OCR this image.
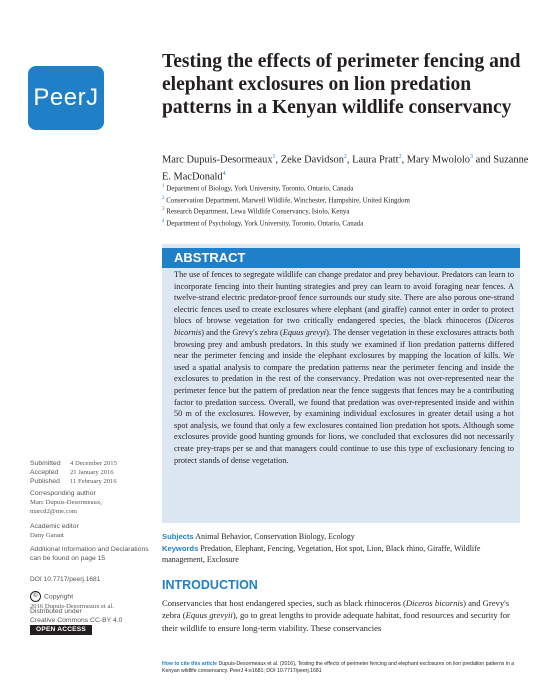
PeerJ
Testing the effects of perimeter fencing and elephant exclosures on lion predation patterns in a Kenyan wildlife conservancy
Marc Dupuis-Desormeaux$^1$, Zeke Davidson$^2$, Laura Pratt$^2$, Mary Mwololo$^3$ and Suzanne E. MacDonald$^4$
$^1$ Department of Biology, York University, Toronto, Ontario, Canada
$^2$ Conservation Department, Marwell Wildlife, Winchester, Hampshire, United Kingdom
$^3$ Research Department, Lewa Wildlife Conservancy, Isiolo, Kenya
$^4$ Department of Psychology, York University, Toronto, Ontario, Canada
ABSTRACT
The use of fences to segregate wildlife can change predator and prey behaviour. Predators can learn to incorporate fencing into their hunting strategies and prey can learn to avoid foraging near fences. A twelve-strand electric predator-proof fence surrounds our study site. There are also porous one-strand electric fences used to create exclosures where elephant (and giraffe) cannot enter in order to protect blocs of browse vegetation for two critically endangered species, the black rhinoceros (Diceros bicornis) and the Grevy's zebra (Equus grevyi). The denser vegetation in these exclosures attracts both browsing prey and ambush predators. In this study we examined if lion predation patterns differed near the perimeter fencing and inside the elephant exclosures by mapping the location of kills. We used a spatial analysis to compare the predation patterns near the perimeter fencing and inside the exclosures to predation in the rest of the conservancy. Predation was not over-represented near the perimeter fence but the pattern of predation near the fence suggests that fences may be a contributing factor to predation success. Overall, we found that predation was over-represented inside and within 50 m of the exclosures. However, by examining individual exclosures in greater detail using a hot spot analysis, we found that only a few exclosures contained lion predation hot spots. Although some exclosures provide good hunting grounds for lions, we concluded that exclosures did not necessarily create prey-traps per se and that managers could continue to use this type of exclusionary fencing to protect stands of dense vegetation.
Submitted	4 December 2015
Accepted	21 January 2016
Published	11 February 2016
Corresponding author
Marc Dupuis-Desormeaux,
marcd2@me.com
Academic editor
Dany Garant
Additional Information and Declarations can be found on page 15
DOI 10.7717/peerj.1681
© Copyright
2016 Dupuis-Desormeaux et al.
Distributed under
Creative Commons CC-BY 4.0
OPEN ACCESS
Subjects Animal Behavior, Conservation Biology, Ecology
Keywords Predation, Elephant, Fencing, Vegetation, Hot spot, Lion, Black rhino, Giraffe, Wildlife management, Exclosure
INTRODUCTION
Conservancies that host endangered species, such as black rhinoceros (Diceros bicornis) and Grevy's zebra (Equus grevyii), go to great lengths to provide adequate habitat, food resources and security for their wildlife to ensure long-term viability. These conservancies
How to cite this article Dupuis-Desormeaux et al. (2016), Testing the effects of perimeter fencing and elephant exclosures on lion predation patterns in a Kenyan wildlife conservancy. PeerJ 4:e1681; DOI 10.7717/peerj.1681
